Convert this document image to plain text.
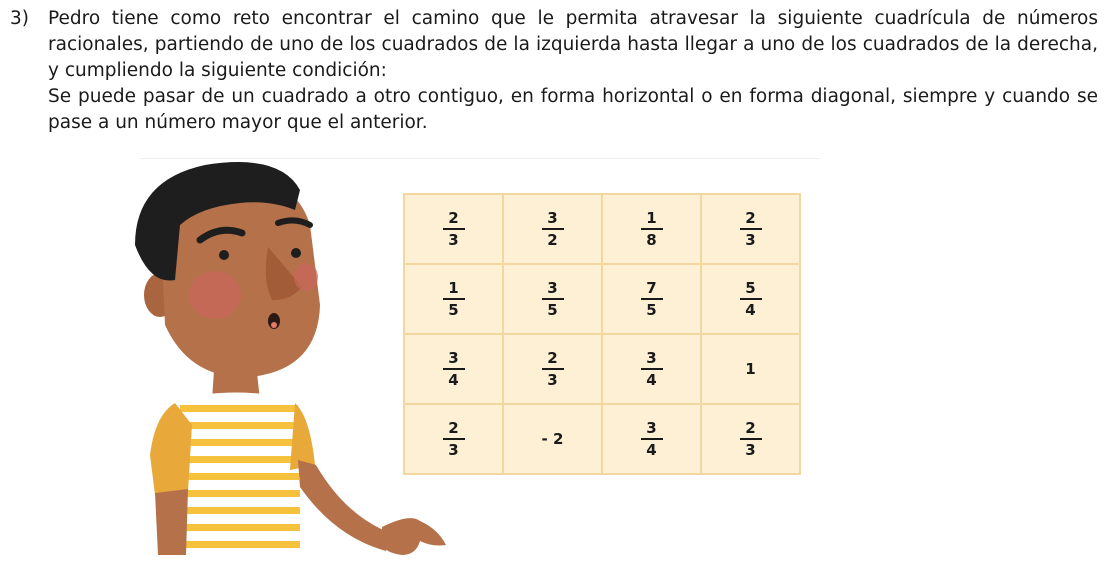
3) Pedro tiene como reto encontrar el camino que le permita atravesar la siguiente cuadrícula de números racionales, partiendo de uno de los cuadrados de la izquierda hasta llegar a uno de los cuadrados de la derecha, y cumpliendo la siguiente condición:
Se puede pasar de un cuadrado a otro contiguo, en forma horizontal o en forma diagonal, siempre y cuando se pase a un número mayor que el anterior.
$\frac{2}{3}$	$\frac{3}{2}$	$\frac{1}{8}$	$\frac{2}{3}$

$\frac{1}{5}$	$\frac{3}{5}$	$\frac{7}{5}$	$\frac{5}{4}$

$\frac{3}{4}$	$\frac{2}{3}$	$\frac{3}{4}$	1

$\frac{2}{3}$	- 2	$\frac{3}{4}$	$\frac{2}{3}$
